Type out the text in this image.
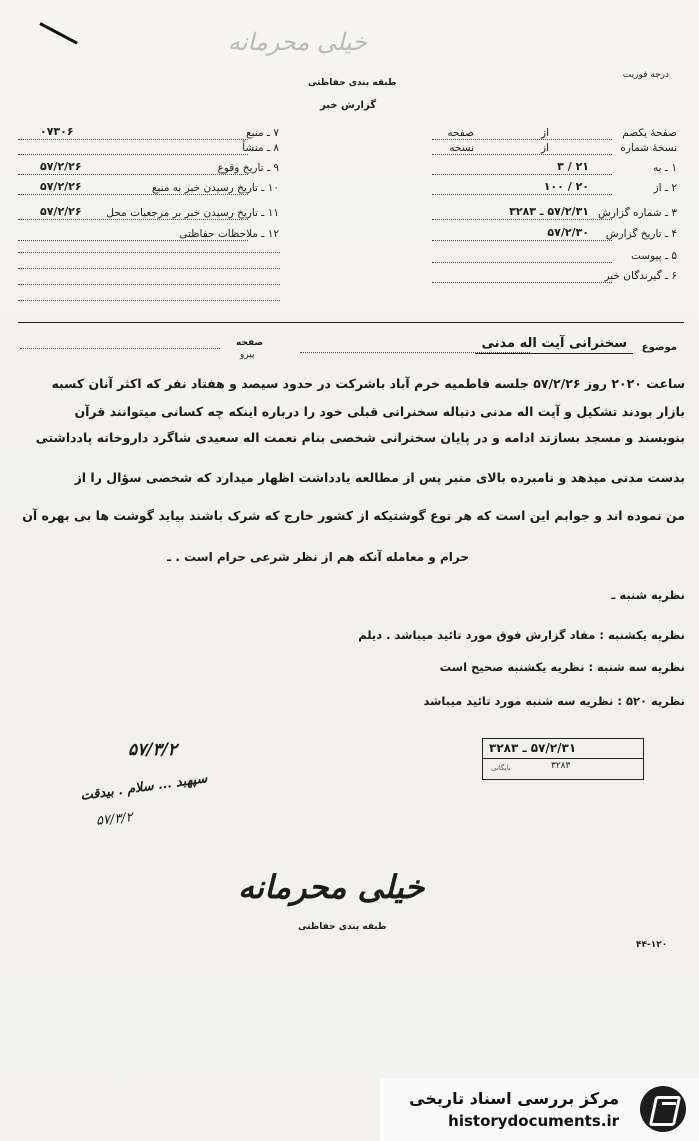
خیلی محرمانه
طبقه بندی حفاظتی
گزارش خبر
درجه فوریت
۷ ـ منبع
۰۷۳۰۶
۸ ـ منشأ
۹ ـ تاریخ وقوع
۵۷/۲/۲۶
۱۰ ـ تاریخ رسیدن خبر به منبع
۵۷/۲/۲۶
۱۱ ـ تاریخ رسیدن خبر بر مرجعیات محل
۵۷/۲/۲۶
۱۲ ـ ملاحظات حفاظتی
صفحهٔ یکصم
از
صفحه
نسخهٔ شماره
از
نسخه
۱ ـ به
۲۱ / ۳
۲ ـ از
۲۰ / ۱۰۰
۳ ـ شماره گزارش
۵۷/۲/۳۱ ـ ۳۲۸۳
۴ ـ تاریخ گزارش
۵۷/۲/۳۰
۵ ـ پیوست
۶ ـ گیرندگان خبر
موضوع
سخنرانی آیت اله مدنی
صفحه
پیرو
ساعت ۲۰۲۰ روز ۵۷/۲/۲۶ جلسه فاطمیه خرم آباد باشرکت در حدود سیصد و هفتاد نفر که اکثر آنان کسبه
بازار بودند تشکیل و آیت اله مدنی دنباله سخنرانی قبلی خود را درباره اینکه چه کسانی میتوانند قرآن
بنویسند و مسجد بسازند ادامه و در پایان سخنرانی شخصی بنام نعمت اله سعیدی شاگرد داروخانه پادداشتی
بدست مدنی میدهد و نامبرده بالای منبر پس از مطالعه یادداشت اظهار میدارد که شخصی سؤال را از
من نموده اند و جوابم این است که هر نوع گوشتیکه از کشور خارج که شرک باشند بیاید گوشت ها بی بهره آن
حرام و معامله آنکه هم از نظر شرعی حرام است . ـ
نظریه شنبه ـ
نظریه یکشنبه : مفاد گزارش فوق مورد تائید میباشد . دیلم
نظریه سه شنبه : نظریه یکشنبه صحیح است
نظریه ۵۲۰ : نظریه سه شنبه مورد تائید میباشد
۵۷/۲/۳۱ ـ ۳۲۸۳
۳۲۸۳
بایگانی
۵۷/۳/۲
سپهبد ... سلام . بیدقت
۵۷/۳/۲
خیلی محرمانه
طبقه بندی حفاظتی
۴۴-۱۲۰
مرکز بررسی اسناد تاریخی
historydocuments.ir
